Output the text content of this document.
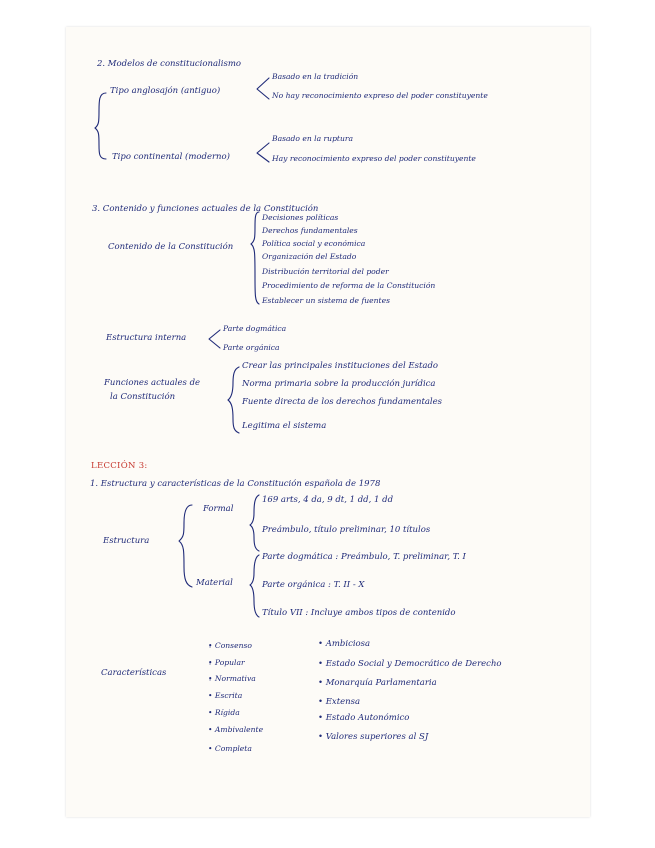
2. Modelos de constitucionalismo
Tipo anglosajón (antiguo)
Basado en la tradición
No hay reconocimiento expreso del poder constituyente
Tipo continental (moderno)
Basado en la ruptura
Hay reconocimiento expreso del poder constituyente
3. Contenido y funciones actuales de la Constitución
Contenido de la Constitución
Decisiones políticas
Derechos fundamentales
Política social y económica
Organización del Estado
Distribución territorial del poder
Procedimiento de reforma de la Constitución
Establecer un sistema de fuentes
Estructura interna
Parte dogmática
Parte orgánica
Funciones actuales de
la Constitución
Crear las principales instituciones del Estado
Norma primaria sobre la producción jurídica
Fuente directa de los derechos fundamentales
Legitima el sistema
LECCIÓN 3:
1. Estructura y características de la Constitución española de 1978
Estructura
Formal
169 arts, 4 da, 9 dt, 1 dd, 1 dd
Preámbulo, título preliminar, 10 títulos
Material
Parte dogmática : Preámbulo, T. preliminar, T. I
Parte orgánica : T. II - X
Título VII : Incluye ambos tipos de contenido
Características
• Consenso
• Popular
• Normativa
• Escrita
• Rígida
• Ambivalente
• Completa
• Ambiciosa
• Estado Social y Democrático de Derecho
• Monarquía Parlamentaria
• Extensa
• Estado Autonómico
• Valores superiores al SJ
